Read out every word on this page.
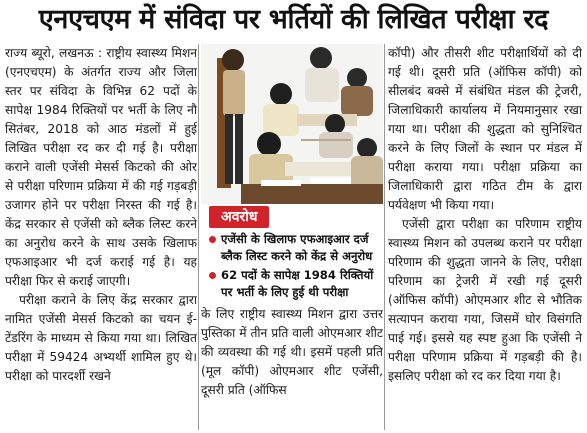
एनएचएम में संविदा पर भर्तियों की लिखित परीक्षा रद

राज्य ब्यूरो, लखनऊ : राष्ट्रीय स्वास्थ्य मिशन (एनएचएम) के अंतर्गत राज्य और जिला स्तर पर संविदा के विभिन्न 62 पदों के सापेक्ष 1984 रिक्तियों पर भर्ती के लिए नौ सितंबर, 2018 को आठ मंडलों में हुई लिखित परीक्षा रद कर दी गई है। परीक्षा कराने वाली एजेंसी मेसर्स किटको की ओर से परीक्षा परिणाम प्रक्रिया में की गई गड़बड़ी उजागर होने पर परीक्षा निरस्त की गई है। केंद्र सरकार से एजेंसी को ब्लैक लिस्ट करने का अनुरोध करने के साथ उसके खिलाफ एफआइआर भी दर्ज कराई गई है। यह परीक्षा फिर से कराई जाएगी।

परीक्षा कराने के लिए केंद्र सरकार द्वारा नामित एजेंसी मेसर्स किटको का चयन ई-टेंडरिंग के माध्यम से किया गया था। लिखित परीक्षा में 59424 अभ्यर्थी शामिल हुए थे। परीक्षा को पारदर्शी रखने

अवरोध
एजेंसी के खिलाफ एफआइआर दर्ज ब्लैक लिस्ट करने को केंद्र से अनुरोध
62 पदों के सापेक्ष 1984 रिक्तियों पर भर्ती के लिए हुई थी परीक्षा

के लिए राष्ट्रीय स्वास्थ्य मिशन द्वारा उत्तर पुस्तिका में तीन प्रति वाली ओएमआर शीट की व्यवस्था की गई थी। इसमें पहली प्रति (मूल कॉपी) ओएमआर शीट एजेंसी, दूसरी प्रति (ऑफिस

कॉपी) और तीसरी शीट परीक्षार्थियों को दी गई थी। दूसरी प्रति (ऑफिस कॉपी) को सीलबंद बक्से में संबंधित मंडल की ट्रेजरी, जिलाधिकारी कार्यालय में नियमानुसार रखा गया था। परीक्षा की शुद्धता को सुनिश्चित करने के लिए जिलों के स्थान पर मंडल में परीक्षा कराया गया। परीक्षा प्रक्रिया का जिलाधिकारी द्वारा गठित टीम के द्वारा पर्यवेक्षण भी किया गया।

एजेंसी द्वारा परीक्षा का परिणाम राष्ट्रीय स्वास्थ्य मिशन को उपलब्ध कराने पर परीक्षा परिणाम की शुद्धता जानने के लिए, परीक्षा परिणाम का ट्रेजरी में रखी गई दूसरी (ऑफिस कॉपी) ओएमआर शीट से भौतिक सत्यापन कराया गया, जिसमें घोर विसंगति पाई गई। इससे यह स्पष्ट हुआ कि एजेंसी ने परीक्षा परिणाम प्रक्रिया में गड़बड़ी की है। इसलिए परीक्षा को रद कर दिया गया है।
